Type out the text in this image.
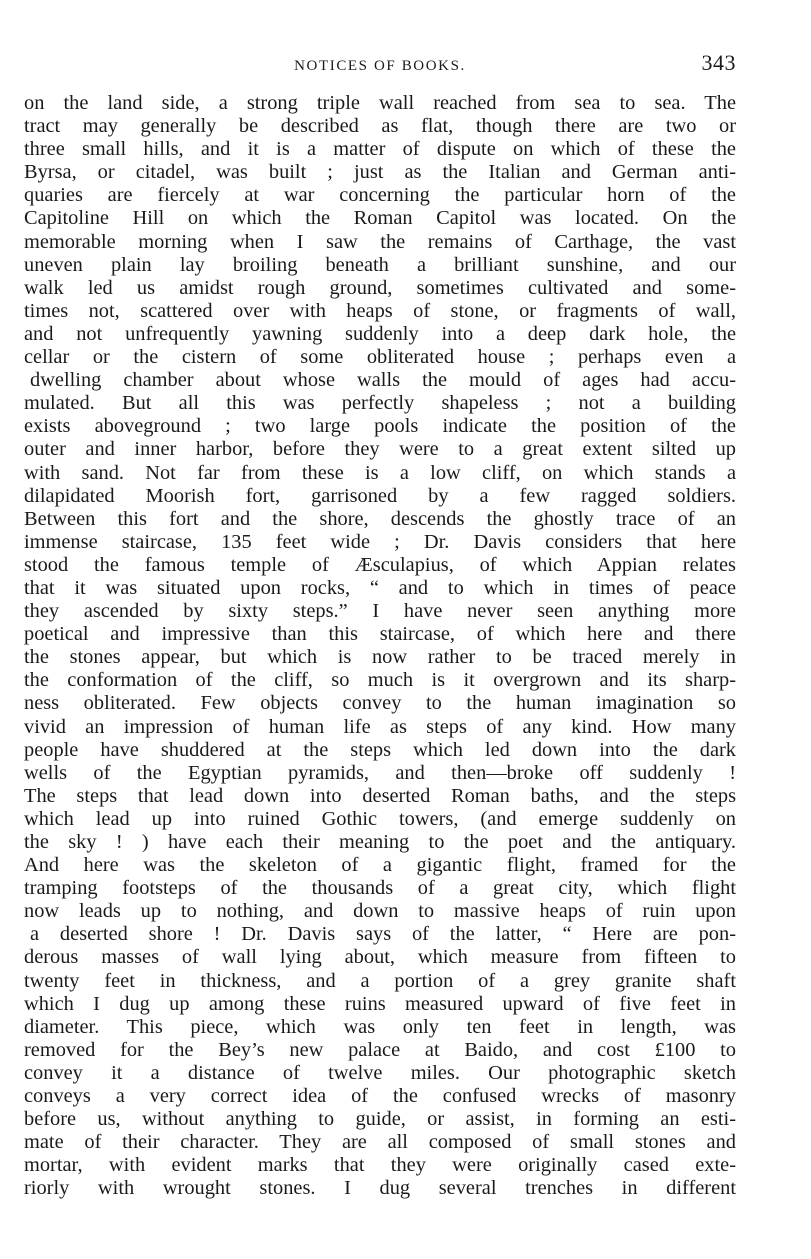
NOTICES OF BOOKS.	343
on the land side, a strong triple wall reached from sea to sea. The
tract may generally be described as flat, though there are two or
three small hills, and it is a matter of dispute on which of these the
Byrsa, or citadel, was built ; just as the Italian and German anti-
quaries are fiercely at war concerning the particular horn of the
Capitoline Hill on which the Roman Capitol was located. On the
memorable morning when I saw the remains of Carthage, the vast
uneven plain lay broiling beneath a brilliant sunshine, and our
walk led us amidst rough ground, sometimes cultivated and some-
times not, scattered over with heaps of stone, or fragments of wall,
and not unfrequently yawning suddenly into a deep dark hole, the
cellar or the cistern of some obliterated house ; perhaps even a
dwelling chamber about whose walls the mould of ages had accu-
mulated. But all this was perfectly shapeless ; not a building
exists aboveground ; two large pools indicate the position of the
outer and inner harbor, before they were to a great extent silted up
with sand. Not far from these is a low cliff, on which stands a
dilapidated Moorish fort, garrisoned by a few ragged soldiers.
Between this fort and the shore, descends the ghostly trace of an
immense staircase, 135 feet wide ; Dr. Davis considers that here
stood the famous temple of Æsculapius, of which Appian relates
that it was situated upon rocks, “ and to which in times of peace
they ascended by sixty steps.” I have never seen anything more
poetical and impressive than this staircase, of which here and there
the stones appear, but which is now rather to be traced merely in
the conformation of the cliff, so much is it overgrown and its sharp-
ness obliterated. Few objects convey to the human imagination so
vivid an impression of human life as steps of any kind. How many
people have shuddered at the steps which led down into the dark
wells of the Egyptian pyramids, and then—broke off suddenly !
The steps that lead down into deserted Roman baths, and the steps
which lead up into ruined Gothic towers, (and emerge suddenly on
the sky ! ) have each their meaning to the poet and the antiquary.
And here was the skeleton of a gigantic flight, framed for the
tramping footsteps of the thousands of a great city, which flight
now leads up to nothing, and down to massive heaps of ruin upon
a deserted shore ! Dr. Davis says of the latter, “ Here are pon-
derous masses of wall lying about, which measure from fifteen to
twenty feet in thickness, and a portion of a grey granite shaft
which I dug up among these ruins measured upward of five feet in
diameter. This piece, which was only ten feet in length, was
removed for the Bey’s new palace at Baido, and cost £100 to
convey it a distance of twelve miles. Our photographic sketch
conveys a very correct idea of the confused wrecks of masonry
before us, without anything to guide, or assist, in forming an esti-
mate of their character. They are all composed of small stones and
mortar, with evident marks that they were originally cased exte-
riorly with wrought stones. I dug several trenches in different
